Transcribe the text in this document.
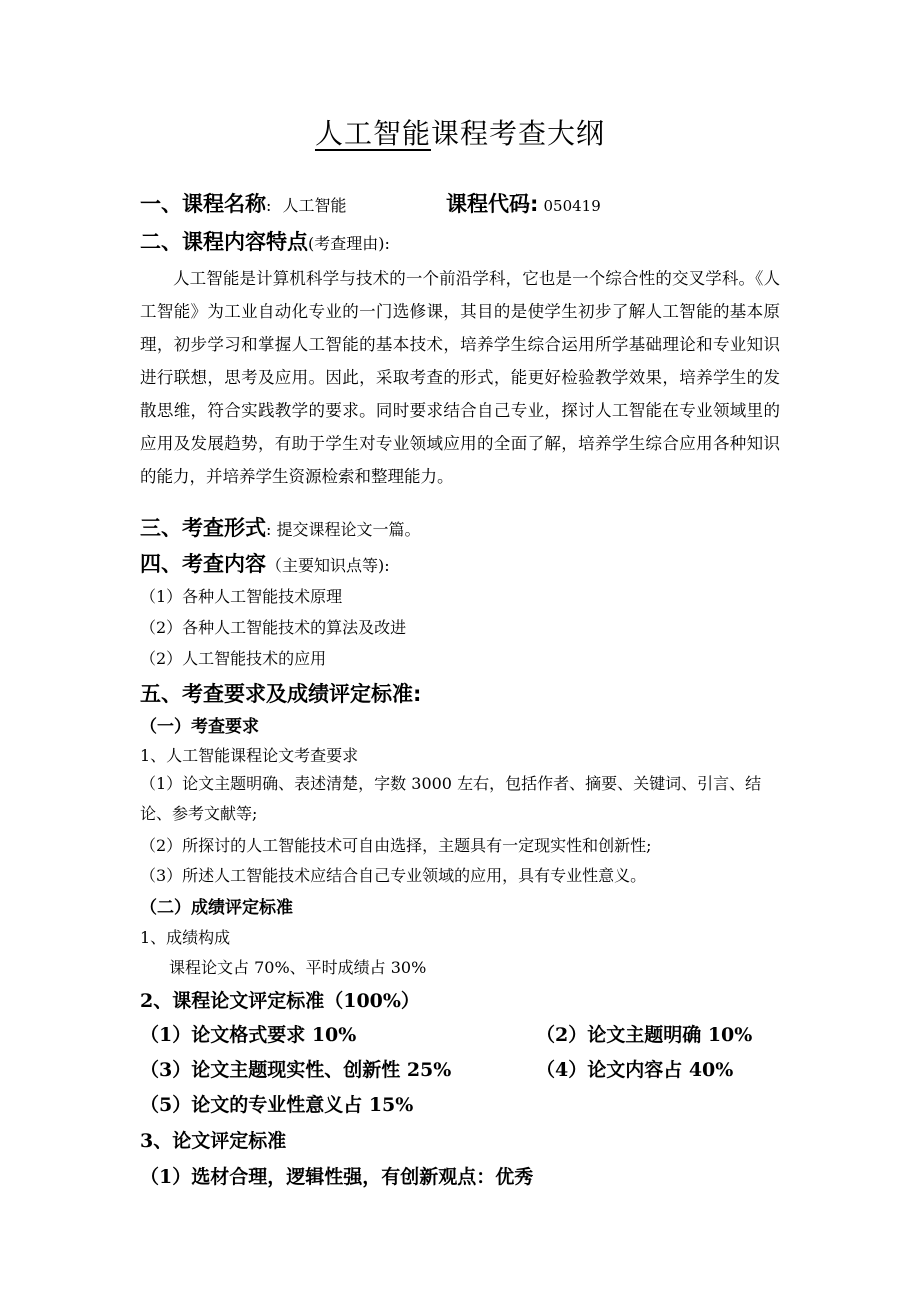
人工智能课程考查大纲
一、课程名称: 人工智能	课程代码: 050419
二、课程内容特点(考查理由):
人工智能是计算机科学与技术的一个前沿学科，它也是一个综合性的交叉学科。《人工智能》为工业自动化专业的一门选修课，其目的是使学生初步了解人工智能的基本原理，初步学习和掌握人工智能的基本技术，培养学生综合运用所学基础理论和专业知识进行联想，思考及应用。因此，采取考查的形式，能更好检验教学效果，培养学生的发散思维，符合实践教学的要求。同时要求结合自己专业，探讨人工智能在专业领域里的应用及发展趋势，有助于学生对专业领域应用的全面了解，培养学生综合应用各种知识的能力，并培养学生资源检索和整理能力。
三、考查形式: 提交课程论文一篇。
四、考查内容（主要知识点等):
（1）各种人工智能技术原理
（2）各种人工智能技术的算法及改进
（2）人工智能技术的应用
五、考查要求及成绩评定标准:
（一）考查要求
1、人工智能课程论文考查要求
（1）论文主题明确、表述清楚，字数 3000 左右，包括作者、摘要、关键词、引言、结论、参考文献等;
（2）所探讨的人工智能技术可自由选择，主题具有一定现实性和创新性;
（3）所述人工智能技术应结合自己专业领域的应用，具有专业性意义。
（二）成绩评定标准
1、成绩构成
课程论文占 70%、平时成绩占 30%
2、课程论文评定标准（100%）
（1）论文格式要求 10%	（2）论文主题明确 10%
（3）论文主题现实性、创新性 25%	（4）论文内容占 40%
（5）论文的专业性意义占 15%
3、论文评定标准
（1）选材合理，逻辑性强，有创新观点：优秀
